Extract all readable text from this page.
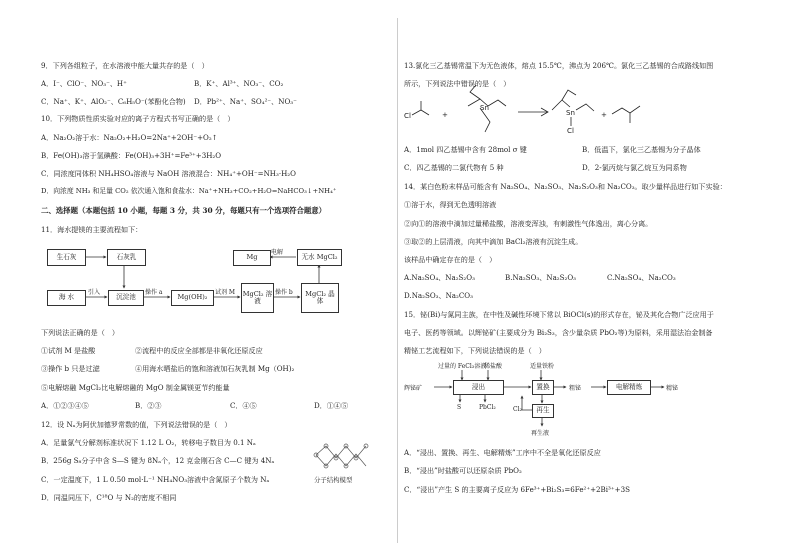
9．下列各组粒子，在水溶液中能大量共存的是（　）
A．I⁻、ClO⁻、NO₃⁻、H⁺	B．K⁺、Al³⁺、NO₃⁻、CO₂
C．Na⁺、K⁺、AlO₂⁻、C₆H₅O⁻(苯酚化合物) D．Pb²⁺、Na⁺、SO₄²⁻、NO₃⁻
10．下列物质性质实验对应的离子方程式书写正确的是（　）
A．Na₂O₂溶于水：Na₂O₂+H₂O=2Na⁺+2OH⁻+O₂↑
B．Fe(OH)₃溶于氢碘酸：Fe(OH)₃+3H⁺=Fe³⁺+3H₂O
C．同浓度同体积 NH₄HSO₄溶液与 NaOH 溶液混合：NH₄⁺+OH⁻=NH₃·H₂O
D．向浓度 NH₃ 和足量 CO₂ 依次通入饱和食盐水：Na⁺+NH₃+CO₂+H₂O=NaHCO₃↓+NH₄⁺
二、选择题（本题包括 10 小题，每题 3 分，共 30 分，每题只有一个选项符合题意）
11．海水提镁的主要流程如下：
生石灰	石灰乳	Mg	无水 MgCl₂
电解
海 水
引入
沉淀池
操作 a
Mg(OH)₂
试剂 M MgCl₂ 溶 液
操作 b	MgCl₂ 晶 体
下列说法正确的是（　）
①试剂 M 是盐酸	②流程中的反应全部都是非氧化还原反应
③操作 b 只是过滤	④用海水晒盐后的饱和溶液加石灰乳制 Mg（OH)₂
⑤电解熔融 MgCl₂比电解熔融的 MgO 制金属镁更节约能量
A．①②③④⑤	B．②③	C．④⑤	D．①④⑤
12．设 Nₐ为阿伏加德罗常数的值，下列说法错误的是（　）
A．足量氯气分解剂标准状况下 1.12 L O₂，转移电子数目为 0.1 Nₐ
B．256g S₈分子中含 S—S 键为 8Nₐ个，12 克金刚石含 C—C 键为 4Nₐ
C．一定温度下，1 L 0.50 mol·L⁻¹ NH₄NO₃溶液中含氮原子个数为 Nₐ
D．同温同压下，C¹⁸O 与 N₂的密度不相同
分子结构模型
13.氯化三乙基锡常温下为无色液体，熔点 15.5℃，沸点为 206℃。氯化三乙基锡的合成路线如图
所示，下列说法中错误的是（　）
Cl	+
Sn
Sn
Cl
+
A．1mol 四乙基锡中含有 28mol σ 键	B．低温下，氯化三乙基锡为分子晶体
C．四乙基锡的二氯代物有 5 种	D．2-氯丙烷与氯乙烷互为同系物
14．某白色粉末样品可能含有 Na₂SO₄、Na₂SO₃、Na₂S₂O₃和 Na₂CO₃。取少量样品进行如下实验：
①溶于水，得到无色透明溶液
②向①的溶液中滴加过量稀盐酸，溶液变浑浊，有刺激性气体逸出，离心分离。
③取②的上层清液，向其中滴加 BaCl₂溶液有沉淀生成。
该样品中确定存在的是（　）
A.Na₂SO₄、Na₂S₂O₃	B.Na₂SO₃、Na₂S₂O₃	C.Na₂SO₄、Na₂CO₃
D.Na₂SO₃、Na₂CO₃
15．铋(Bi)与氮同主族，在中性及碱性环境下常以 BiOCl(s)的形式存在，铋及其化合物广泛应用于
电子、医药等领域。以辉铋矿(主要成分为 Bi₂S₃，含少量杂质 PbO₂等)为原料，采用湿法冶金制备
精铋工艺流程如下，下列说法错误的是（　）
过量的 FeCl₃溶液
稀盐酸	适量铁粉
辉铋矿	浸出	置换	粗铋	电解精炼	精铋
S	PbCl₂	Cl₂	再生
再生液
A．“浸出、置换、再生、电解精炼”工序中不全是氧化还原反应
B．“浸出”时盐酸可以还原杂质 PbO₂
C．“浸出”产生 S 的主要离子反应为 6Fe³⁺+Bi₂S₃=6Fe²⁺+2Bi³⁺+3S
